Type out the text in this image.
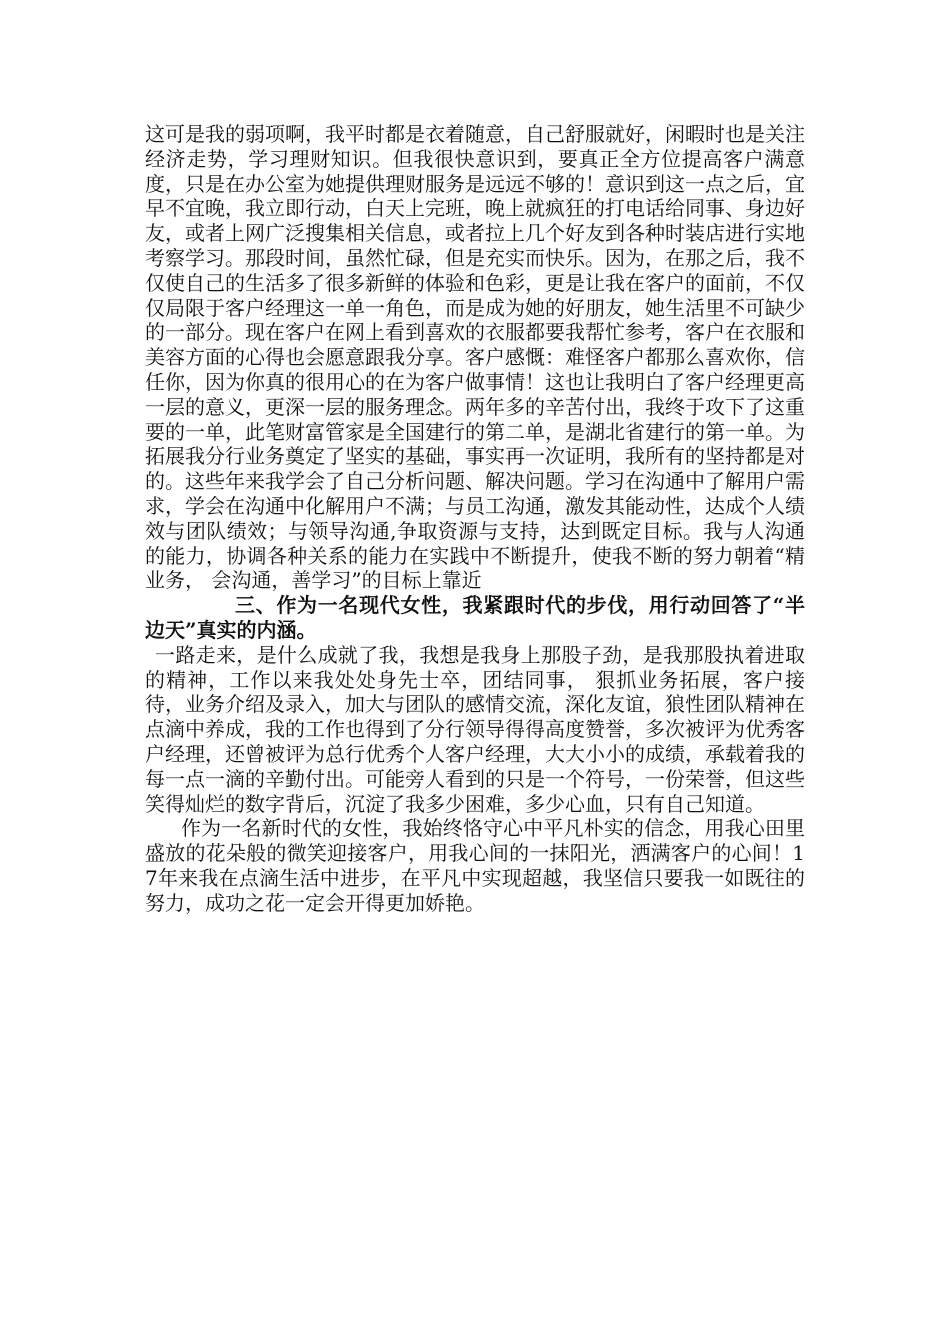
这可是我的弱项啊，我平时都是衣着随意，自己舒服就好，闲暇时也是关注经济走势，学习理财知识。但我很快意识到，要真正全方位提高客户满意度，只是在办公室为她提供理财服务是远远不够的！意识到这一点之后，宜早不宜晚，我立即行动，白天上完班，晚上就疯狂的打电话给同事、身边好友，或者上网广泛搜集相关信息，或者拉上几个好友到各种时装店进行实地考察学习。那段时间，虽然忙碌，但是充实而快乐。因为，在那之后，我不仅使自己的生活多了很多新鲜的体验和色彩，更是让我在客户的面前，不仅仅局限于客户经理这一单一角色，而是成为她的好朋友，她生活里不可缺少的一部分。现在客户在网上看到喜欢的衣服都要我帮忙参考，客户在衣服和美容方面的心得也会愿意跟我分享。客户感慨：难怪客户都那么喜欢你，信任你，因为你真的很用心的在为客户做事情！这也让我明白了客户经理更高一层的意义，更深一层的服务理念。两年多的辛苦付出，我终于攻下了这重要的一单，此笔财富管家是全国建行的第二单，是湖北省建行的第一单。为拓展我分行业务奠定了坚实的基础，事实再一次证明，我所有的坚持都是对的。这些年来我学会了自己分析问题、解决问题。学习在沟通中了解用户需求，学会在沟通中化解用户不满；与员工沟通，激发其能动性，达成个人绩效与团队绩效；与领导沟通,争取资源与支持，达到既定目标。我与人沟通的能力，协调各种关系的能力在实践中不断提升，使我不断的努力朝着“精业务， 会沟通，善学习”的目标上靠近

三、作为一名现代女性，我紧跟时代的步伐，用行动回答了“半边天”真实的内涵。

一路走来，是什么成就了我，我想是我身上那股子劲，是我那股执着进取的精神，工作以来我处处身先士卒，团结同事， 狠抓业务拓展，客户接待，业务介绍及录入，加大与团队的感情交流，深化友谊，狼性团队精神在点滴中养成，我的工作也得到了分行领导得得高度赞誉，多次被评为优秀客户经理，还曾被评为总行优秀个人客户经理，大大小小的成绩，承载着我的每一点一滴的辛勤付出。可能旁人看到的只是一个符号，一份荣誉，但这些笑得灿烂的数字背后，沉淀了我多少困难，多少心血，只有自己知道。

作为一名新时代的女性，我始终恪守心中平凡朴实的信念，用我心田里盛放的花朵般的微笑迎接客户，用我心间的一抹阳光，洒满客户的心间！17年来我在点滴生活中进步，在平凡中实现超越，我坚信只要我一如既往的努力，成功之花一定会开得更加娇艳。
